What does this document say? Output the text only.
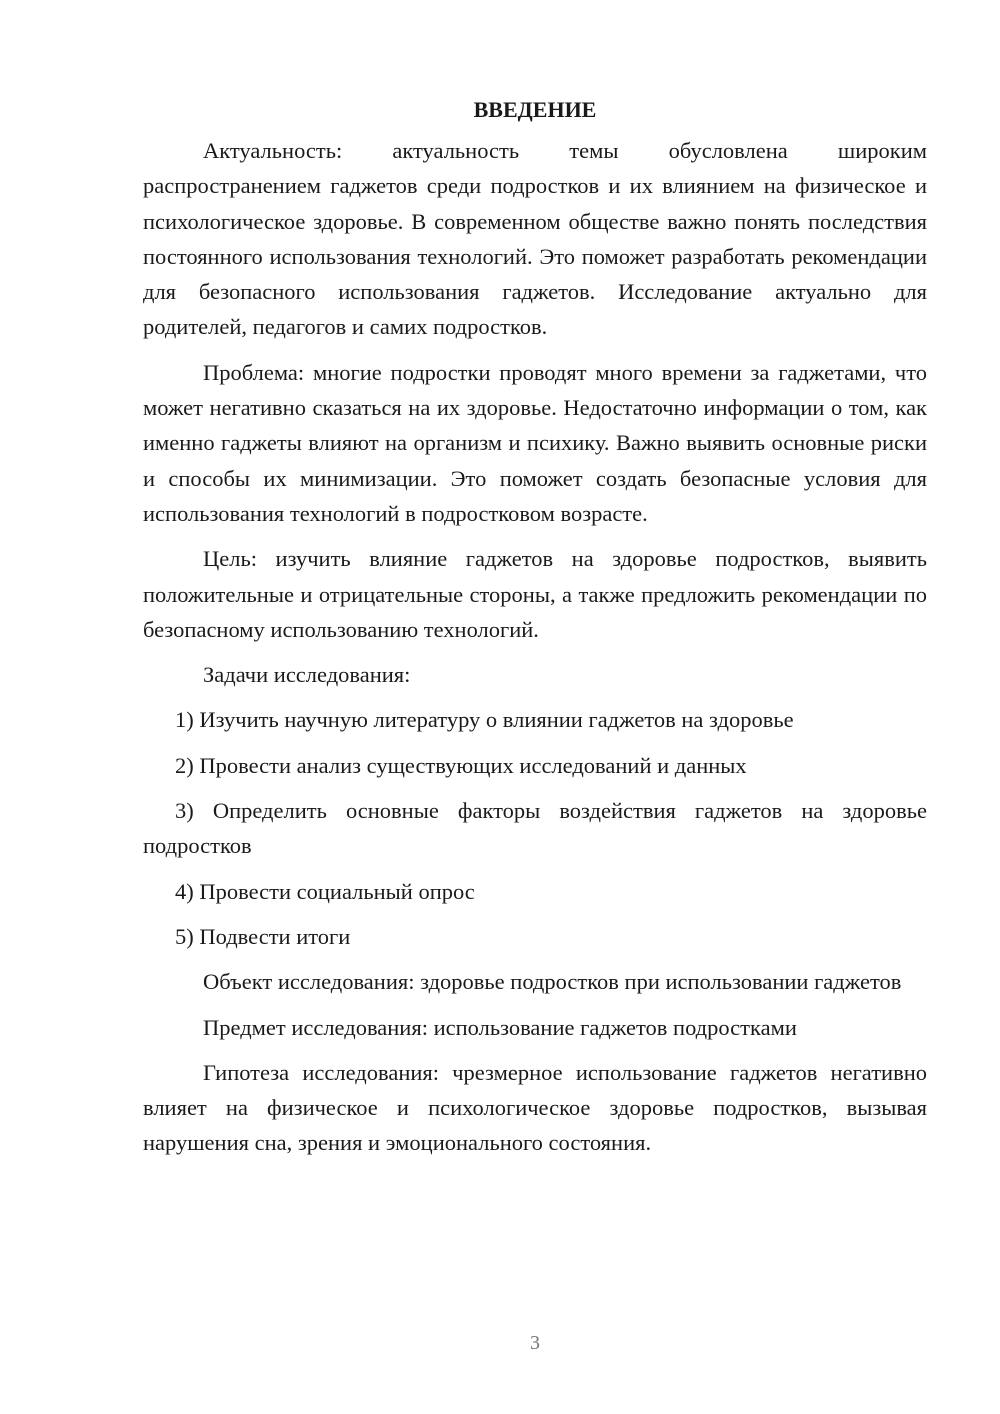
ВВЕДЕНИЕ

Актуальность: актуальность темы обусловлена широким распространением гаджетов среди подростков и их влиянием на физическое и психологическое здоровье. В современном обществе важно понять последствия постоянного использования технологий. Это поможет разработать рекомендации для безопасного использования гаджетов. Исследование актуально для родителей, педагогов и самих подростков.

Проблема: многие подростки проводят много времени за гаджетами, что может негативно сказаться на их здоровье. Недостаточно информации о том, как именно гаджеты влияют на организм и психику. Важно выявить основные риски и способы их минимизации. Это поможет создать безопасные условия для использования технологий в подростковом возрасте.

Цель: изучить влияние гаджетов на здоровье подростков, выявить положительные и отрицательные стороны, а также предложить рекомендации по безопасному использованию технологий.

Задачи исследования:

1) Изучить научную литературу о влиянии гаджетов на здоровье

2) Провести анализ существующих исследований и данных

3) Определить основные факторы воздействия гаджетов на здоровье подростков

4) Провести социальный опрос

5) Подвести итоги

Объект исследования: здоровье подростков при использовании гаджетов

Предмет исследования: использование гаджетов подростками

Гипотеза исследования: чрезмерное использование гаджетов негативно влияет на физическое и психологическое здоровье подростков, вызывая нарушения сна, зрения и эмоционального состояния.

3
